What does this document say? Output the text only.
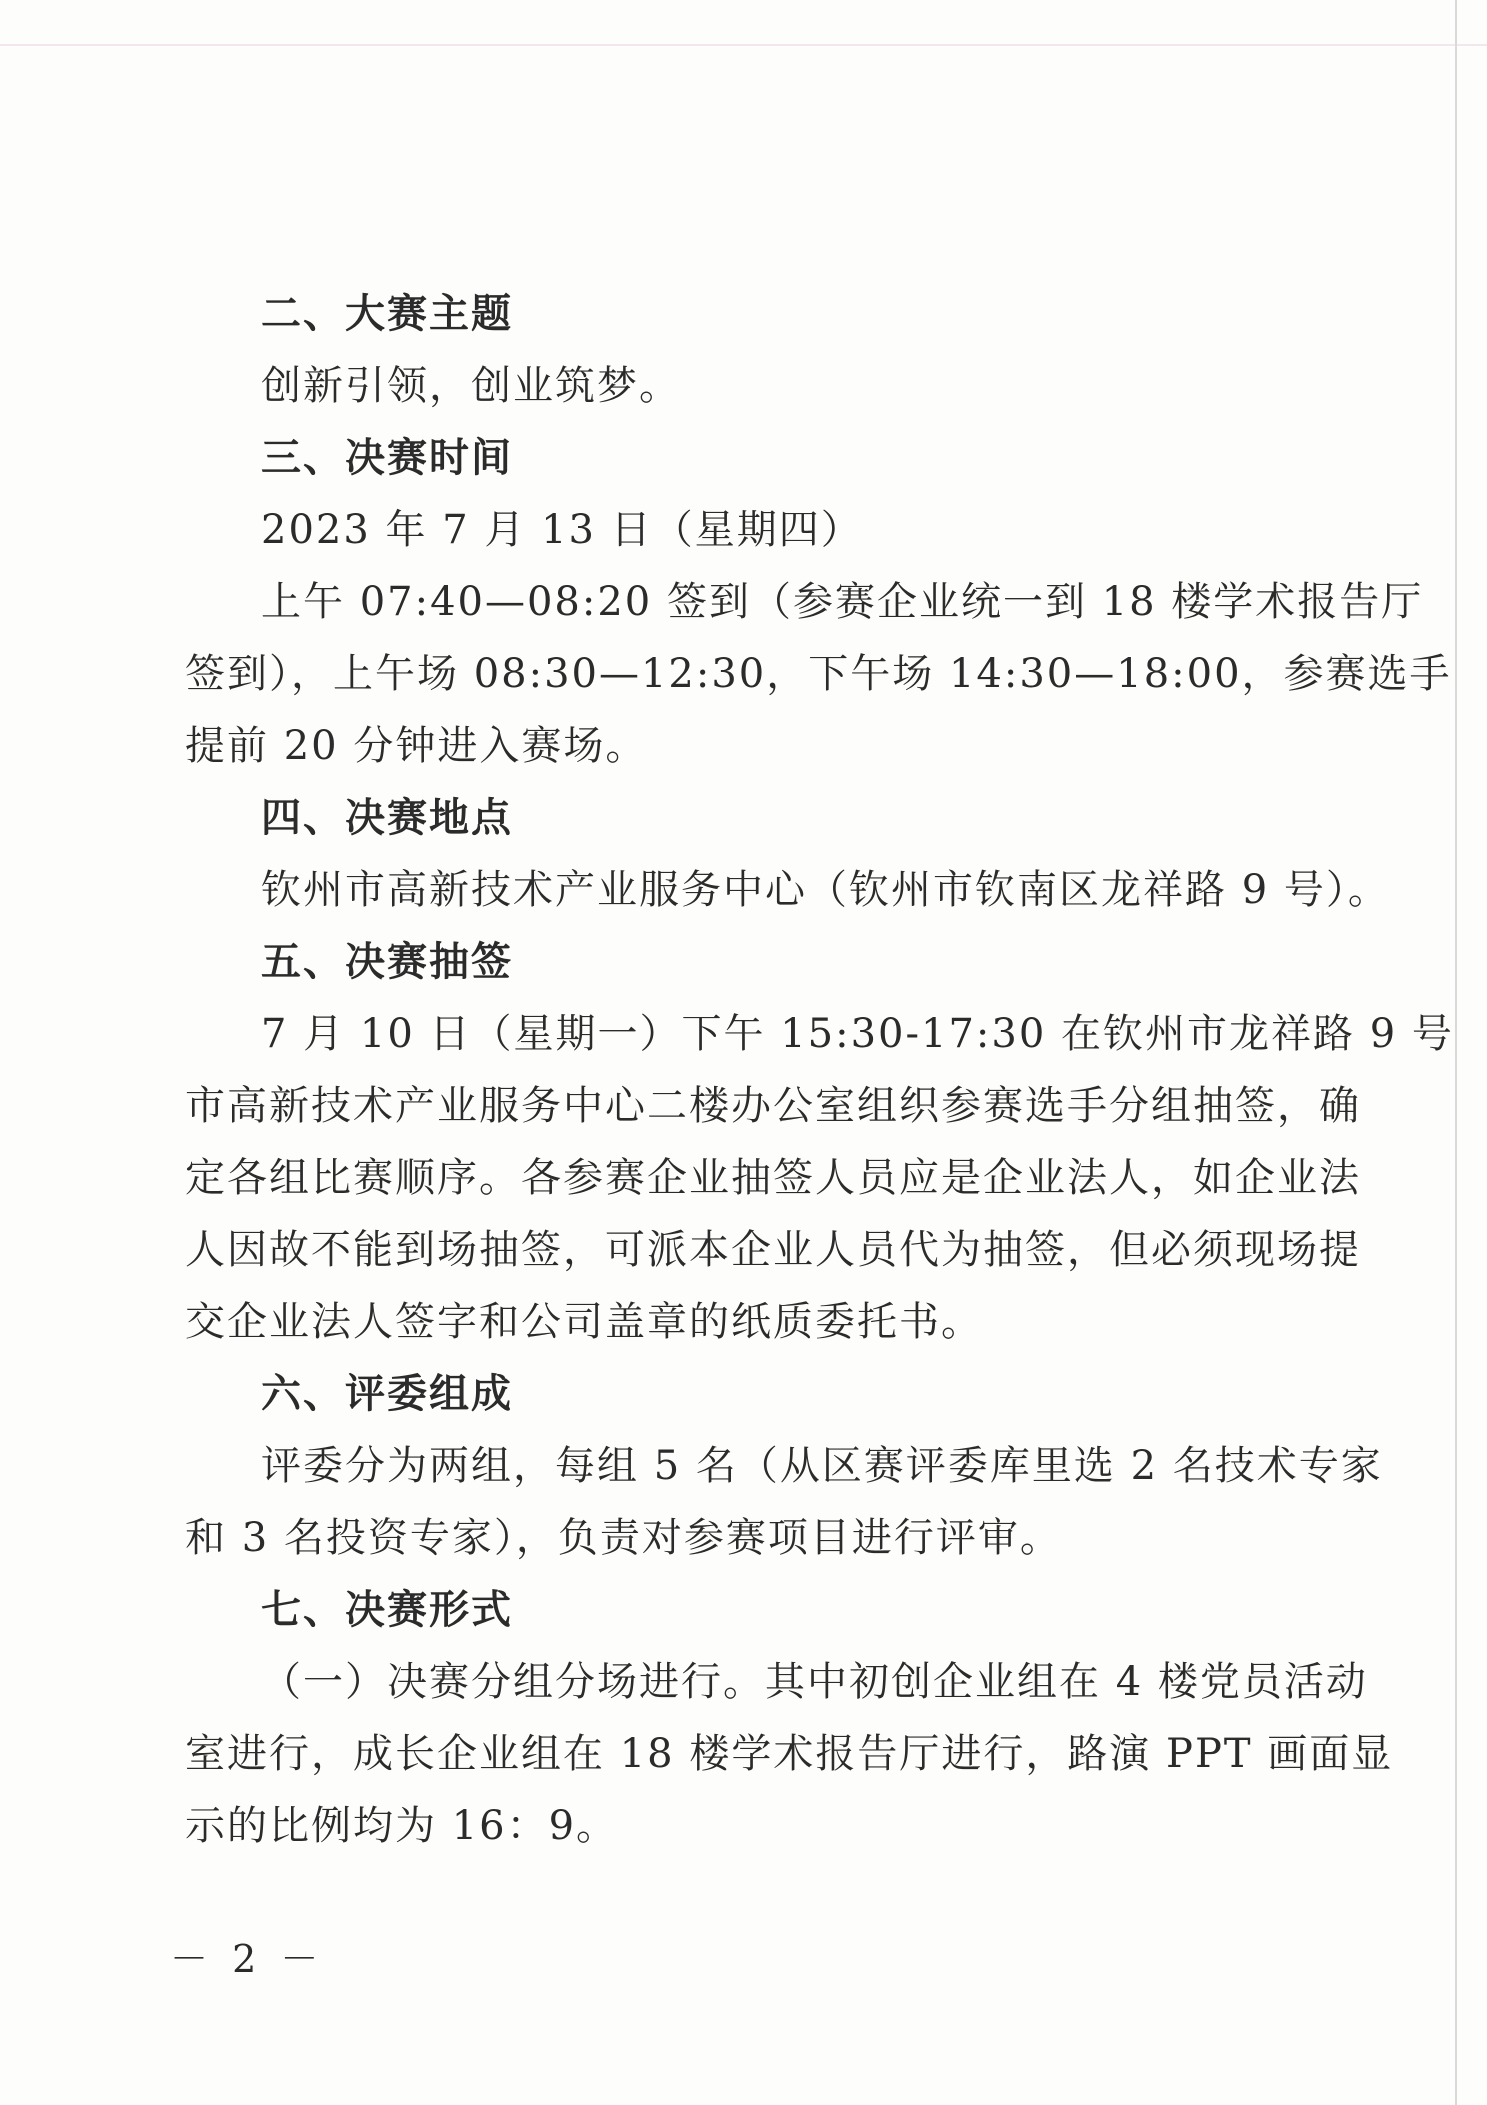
二、大赛主题
创新引领，创业筑梦。
三、决赛时间
2023 年 7 月 13 日（星期四）
上午 07:40—08:20 签到（参赛企业统一到 18 楼学术报告厅
签到），上午场 08:30—12:30，下午场 14:30—18:00，参赛选手
提前 20 分钟进入赛场。
四、决赛地点
钦州市高新技术产业服务中心（钦州市钦南区龙祥路 9 号）。
五、决赛抽签
7 月 10 日（星期一）下午 15:30-17:30 在钦州市龙祥路 9 号
市高新技术产业服务中心二楼办公室组织参赛选手分组抽签，确
定各组比赛顺序。各参赛企业抽签人员应是企业法人，如企业法
人因故不能到场抽签，可派本企业人员代为抽签，但必须现场提
交企业法人签字和公司盖章的纸质委托书。
六、评委组成
评委分为两组，每组 5 名（从区赛评委库里选 2 名技术专家
和 3 名投资专家），负责对参赛项目进行评审。
七、决赛形式
（一）决赛分组分场进行。其中初创企业组在 4 楼党员活动
室进行，成长企业组在 18 楼学术报告厅进行，路演 PPT 画面显
示的比例均为 16：9。
－ 2 －
